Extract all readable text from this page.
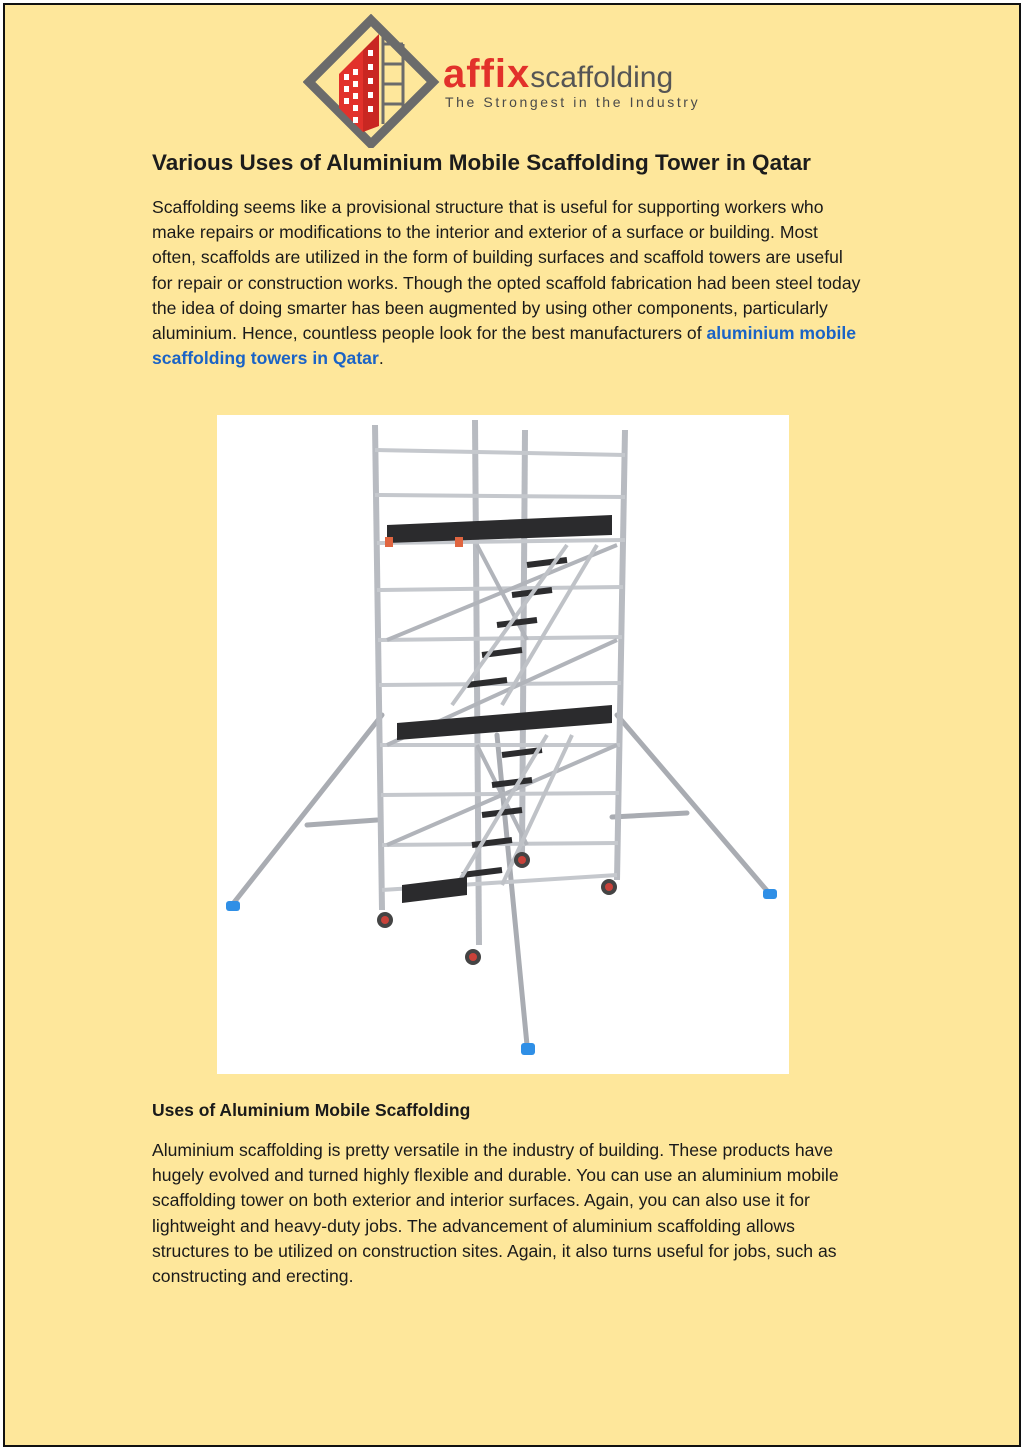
affixscaffolding
The Strongest in the Industry
Various Uses of Aluminium Mobile Scaffolding Tower in Qatar

Scaffolding seems like a provisional structure that is useful for supporting workers who make repairs or modifications to the interior and exterior of a surface or building. Most often, scaffolds are utilized in the form of building surfaces and scaffold towers are useful for repair or construction works. Though the opted scaffold fabrication had been steel today the idea of doing smarter has been augmented by using other components, particularly aluminium. Hence, countless people look for the best manufacturers of aluminium mobile scaffolding towers in Qatar.

Uses of Aluminium Mobile Scaffolding

Aluminium scaffolding is pretty versatile in the industry of building. These products have hugely evolved and turned highly flexible and durable. You can use an aluminium mobile scaffolding tower on both exterior and interior surfaces. Again, you can also use it for lightweight and heavy-duty jobs. The advancement of aluminium scaffolding allows structures to be utilized on construction sites. Again, it also turns useful for jobs, such as constructing and erecting.
